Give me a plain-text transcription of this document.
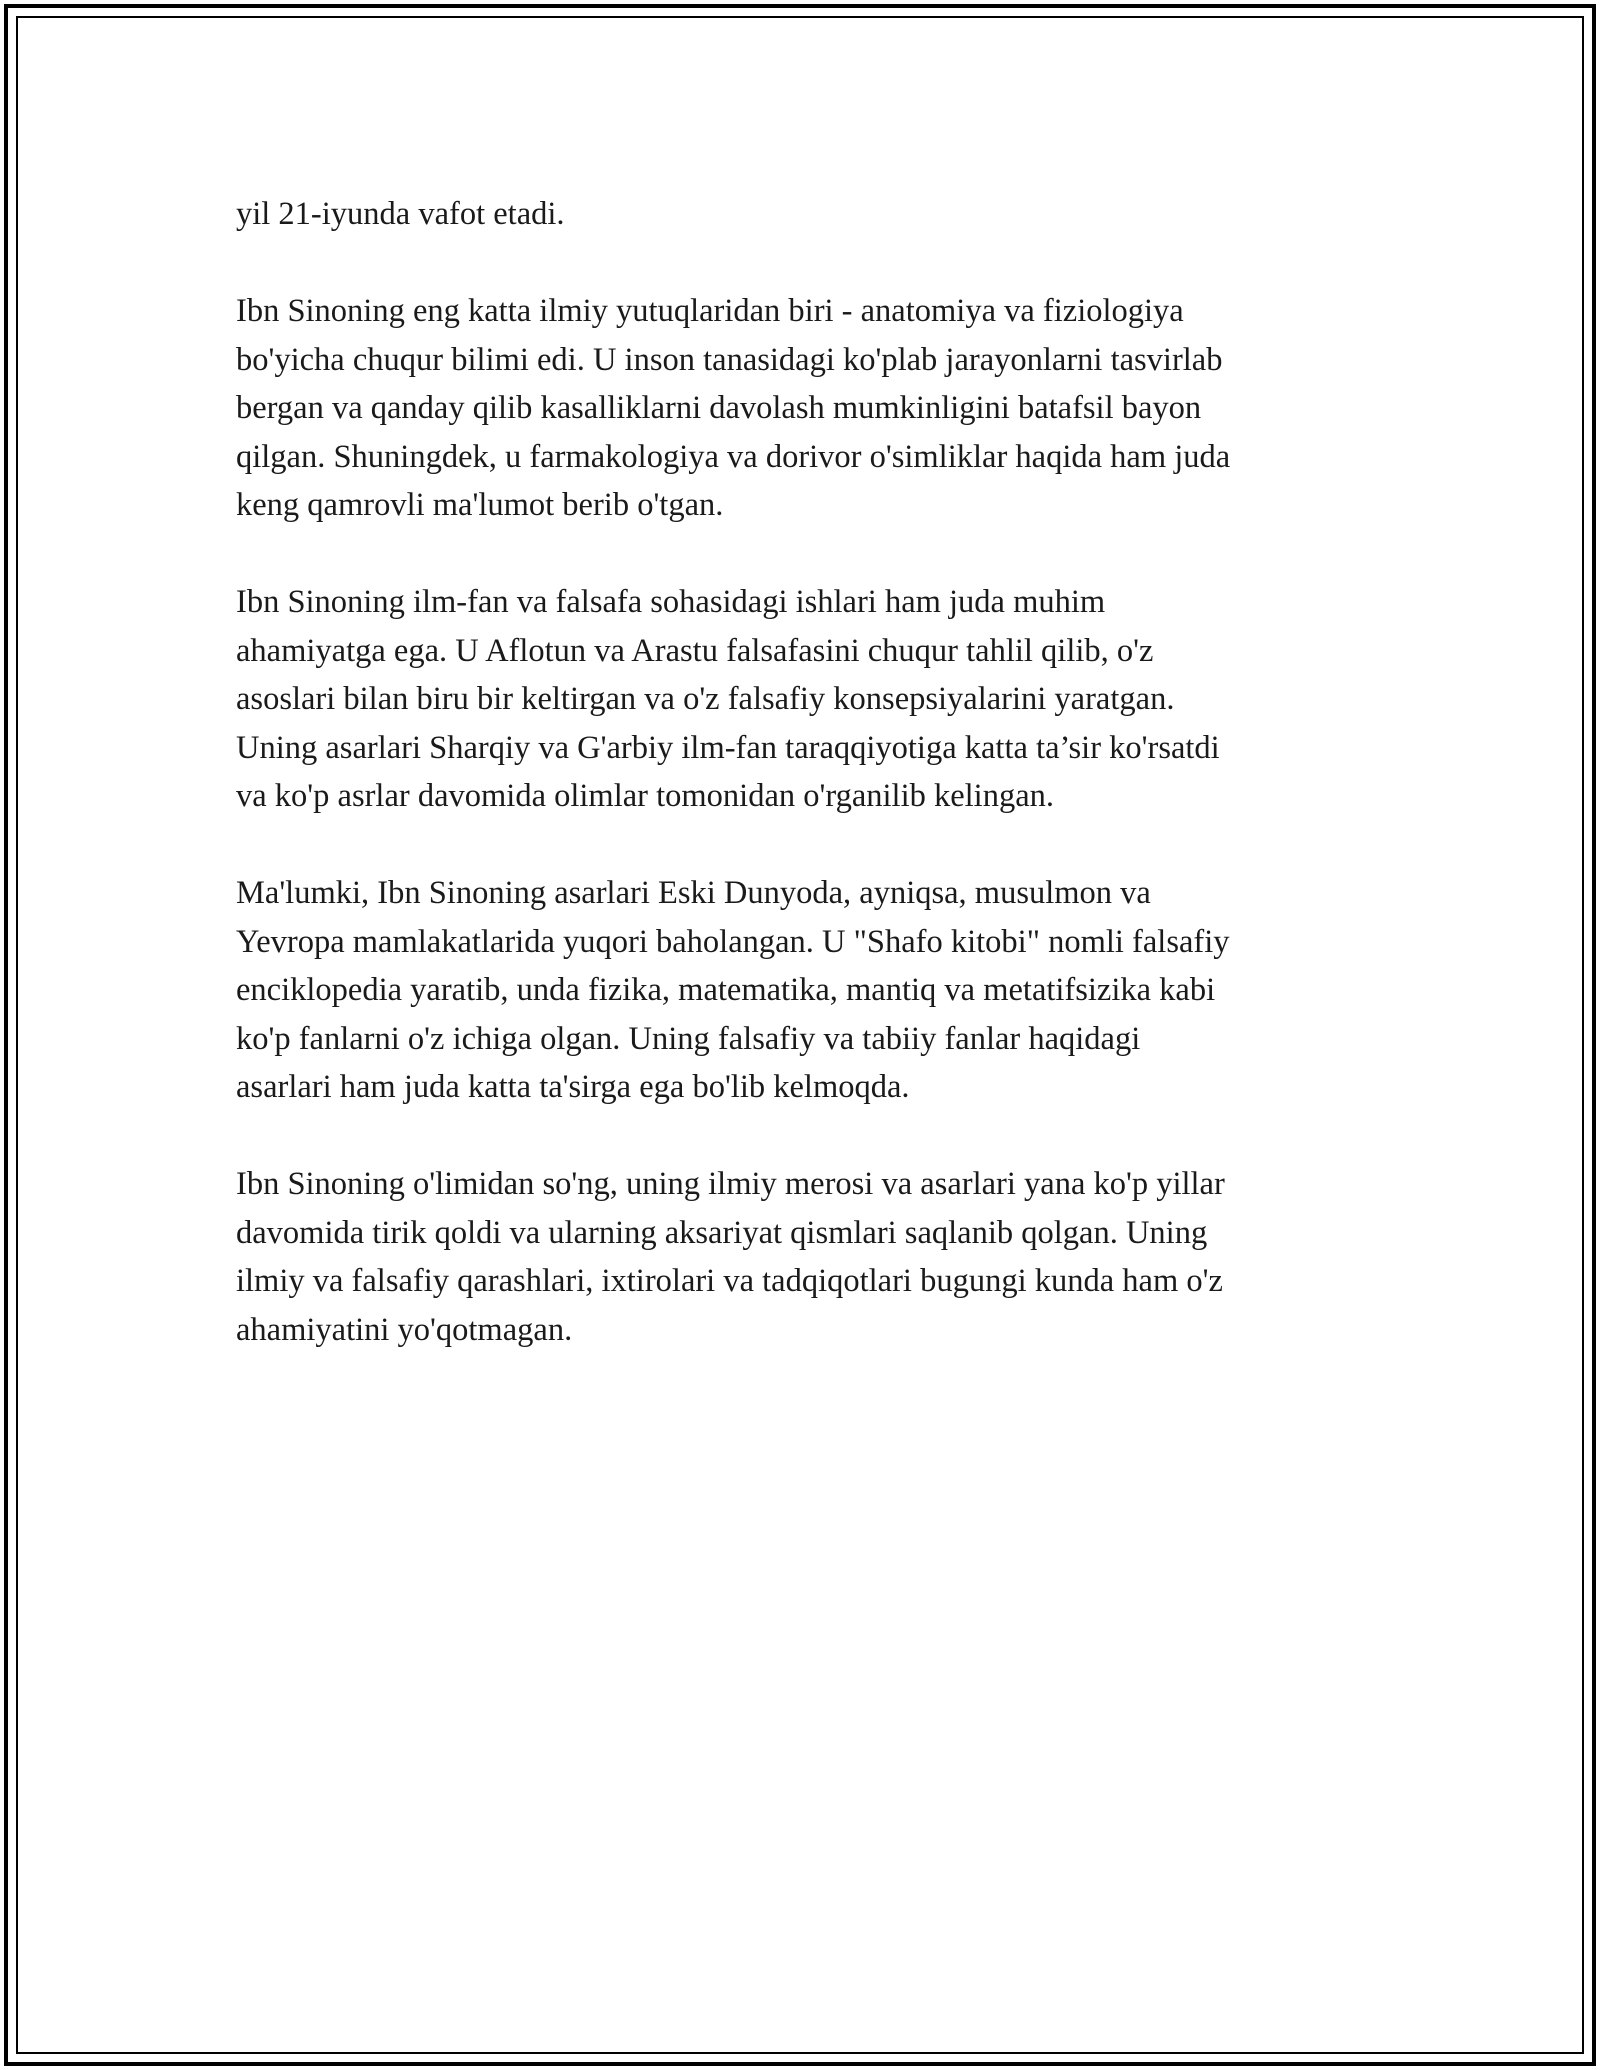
yil 21-iyunda vafot etadi.

Ibn Sinoning eng katta ilmiy yutuqlaridan biri - anatomiya va fiziologiya
bo'yicha chuqur bilimi edi. U inson tanasidagi ko'plab jarayonlarni tasvirlab
bergan va qanday qilib kasalliklarni davolash mumkinligini batafsil bayon
qilgan. Shuningdek, u farmakologiya va dorivor o'simliklar haqida ham juda
keng qamrovli ma'lumot berib o'tgan.

Ibn Sinoning ilm-fan va falsafa sohasidagi ishlari ham juda muhim
ahamiyatga ega. U Aflotun va Arastu falsafasini chuqur tahlil qilib, o'z
asoslari bilan biru bir keltirgan va o'z falsafiy konsepsiyalarini yaratgan.
Uning asarlari Sharqiy va G'arbiy ilm-fan taraqqiyotiga katta ta’sir ko'rsatdi
va ko'p asrlar davomida olimlar tomonidan o'rganilib kelingan.

Ma'lumki, Ibn Sinoning asarlari Eski Dunyoda, ayniqsa, musulmon va
Yevropa mamlakatlarida yuqori baholangan. U "Shafo kitobi" nomli falsafiy
enciklopedia yaratib, unda fizika, matematika, mantiq va metatifsizika kabi
ko'p fanlarni o'z ichiga olgan. Uning falsafiy va tabiiy fanlar haqidagi
asarlari ham juda katta ta'sirga ega bo'lib kelmoqda.

Ibn Sinoning o'limidan so'ng, uning ilmiy merosi va asarlari yana ko'p yillar
davomida tirik qoldi va ularning aksariyat qismlari saqlanib qolgan. Uning
ilmiy va falsafiy qarashlari, ixtirolari va tadqiqotlari bugungi kunda ham o'z
ahamiyatini yo'qotmagan.
